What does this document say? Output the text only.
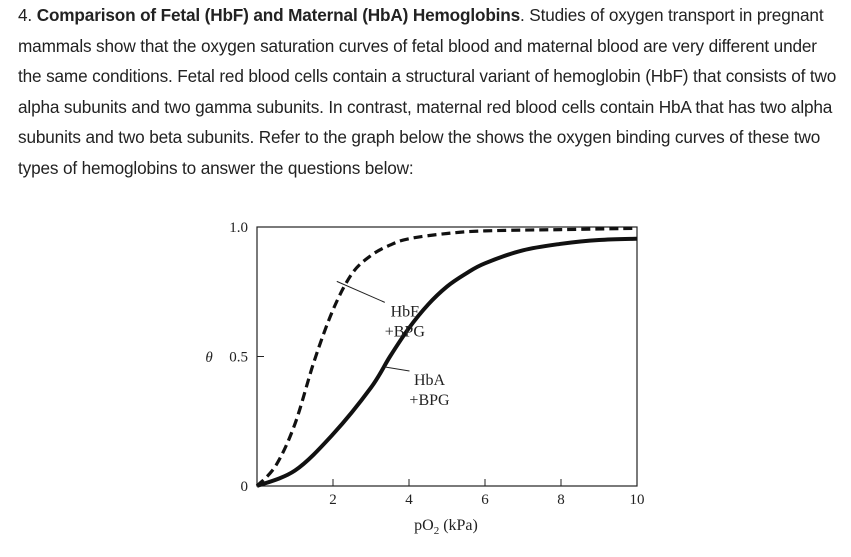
4. Comparison of Fetal (HbF) and Maternal (HbA) Hemoglobins. Studies of oxygen transport in pregnant mammals show that the oxygen saturation curves of fetal blood and maternal blood are very different under the same conditions. Fetal red blood cells contain a structural variant of hemoglobin (HbF) that consists of two alpha subunits and two gamma subunits. In contrast, maternal red blood cells contain HbA that has two alpha subunits and two beta subunits. Refer to the graph below the shows the oxygen binding curves of these two types of hemoglobins to answer the questions below:
2	4	6	8	10
0
0.5
1.0
HbF
+BPG
HbA
+BPG
θ
$pO_2$ (kPa)
